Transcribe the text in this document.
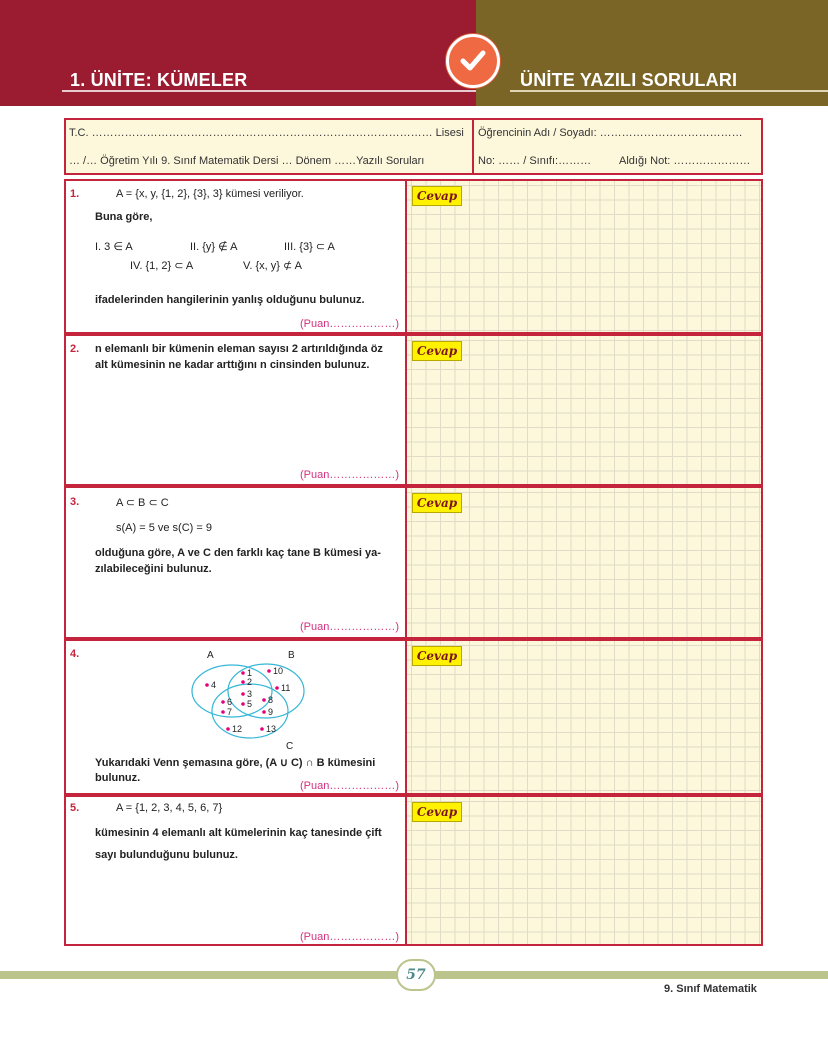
1. ÜNİTE: KÜMELER	ÜNİTE YAZILI SORULARI
T.C. ………………………………………………………………………………… Lisesi
… /… Öğretim Yılı 9. Sınıf Matematik Dersi … Dönem ……Yazılı Soruları
Öğrencinin Adı / Soyadı: …………………………………
No: …… / Sınıfı:………	Aldığı Not: …………………
1.	A = {x, y, {1, 2}, {3}, 3} kümesi veriliyor.
Buna göre,
I. 3 ∈ A	II. {y} ∉ A	III. {3} ⊂ A
IV. {1, 2} ⊂ A	V. {x, y} ⊄ A
ifadelerinden hangilerinin yanlış olduğunu bulunuz.
(Puan………………)
Cevap
2. n elemanlı bir kümenin eleman sayısı 2 artırıldığında öz
alt kümesinin ne kadar arttığını n cinsinden bulunuz.
(Puan………………)
Cevap
3.	A ⊂ B ⊂ C
s(A) = 5 ve s(C) = 9
olduğuna göre, A ve C den farklı kaç tane B kümesi ya-
zılabileceğini bulunuz.
(Puan………………)
Cevap
4.	A	B
C
4
1
2
10
11
3
5
6
7
8
9
12	13
Yukarıdaki Venn şemasına göre, (A ∪ C) ∩ B kümesini
bulunuz.
(Puan………………)
Cevap
5.	A = {1, 2, 3, 4, 5, 6, 7}
kümesinin 4 elemanlı alt kümelerinin kaç tanesinde çift
sayı bulunduğunu bulunuz.
(Puan………………)
Cevap
57
9. Sınıf Matematik
